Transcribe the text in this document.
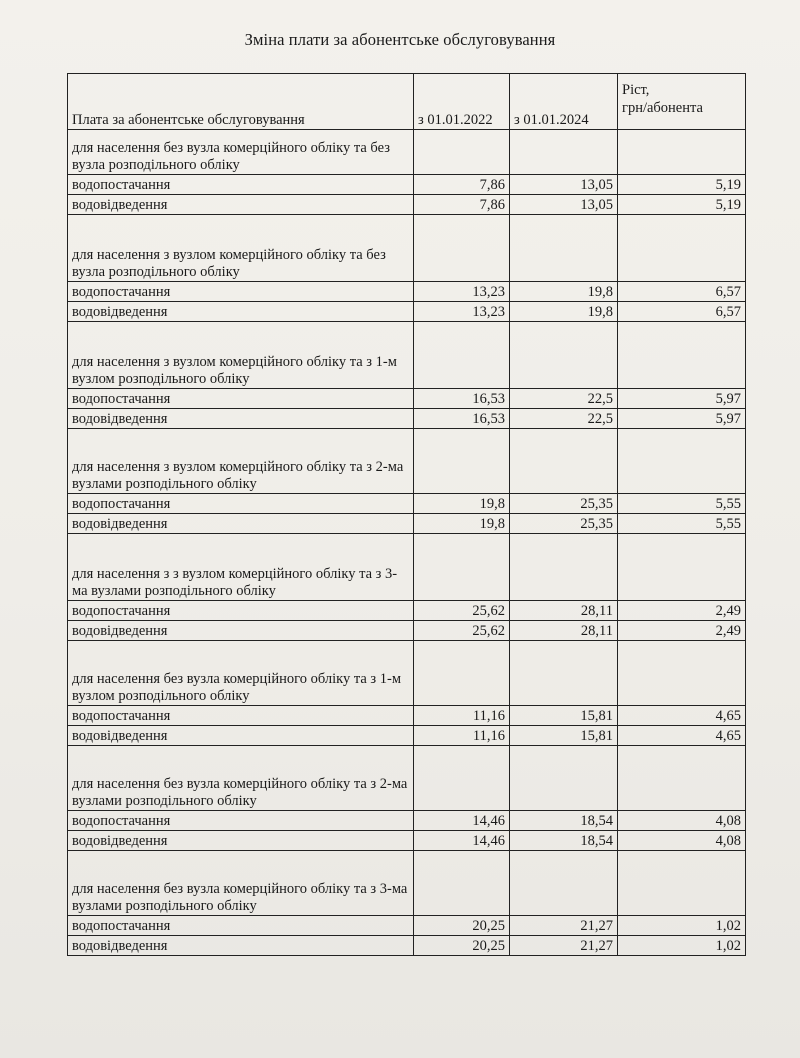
Зміна плати за абонентське обслуговування
Плата за абонентське обслуговування	з 01.01.2022	з 01.01.2024	Ріст,
грн/абонента

для населення без вузла комерційного обліку та без вузла розподільного обліку			
водопостачання	7,86	13,05	5,19
водовідведення	7,86	13,05	5,19
для населення з вузлом комерційного обліку та без вузла розподільного обліку			
водопостачання	13,23	19,8	6,57
водовідведення	13,23	19,8	6,57
для населення з вузлом комерційного обліку та з 1-м вузлом розподільного обліку			
водопостачання	16,53	22,5	5,97
водовідведення	16,53	22,5	5,97
для населення з вузлом комерційного обліку та з 2-ма вузлами розподільного обліку			
водопостачання	19,8	25,35	5,55
водовідведення	19,8	25,35	5,55
для населення з з вузлом комерційного обліку та з 3-ма вузлами розподільного обліку			
водопостачання	25,62	28,11	2,49
водовідведення	25,62	28,11	2,49
для населення без вузла комерційного обліку та з 1-м вузлом розподільного обліку			
водопостачання	11,16	15,81	4,65
водовідведення	11,16	15,81	4,65
для населення без вузла комерційного обліку та з 2-ма вузлами розподільного обліку			
водопостачання	14,46	18,54	4,08
водовідведення	14,46	18,54	4,08
для населення без вузла комерційного обліку та з 3-ма вузлами розподільного обліку			
водопостачання	20,25	21,27	1,02
водовідведення	20,25	21,27	1,02
